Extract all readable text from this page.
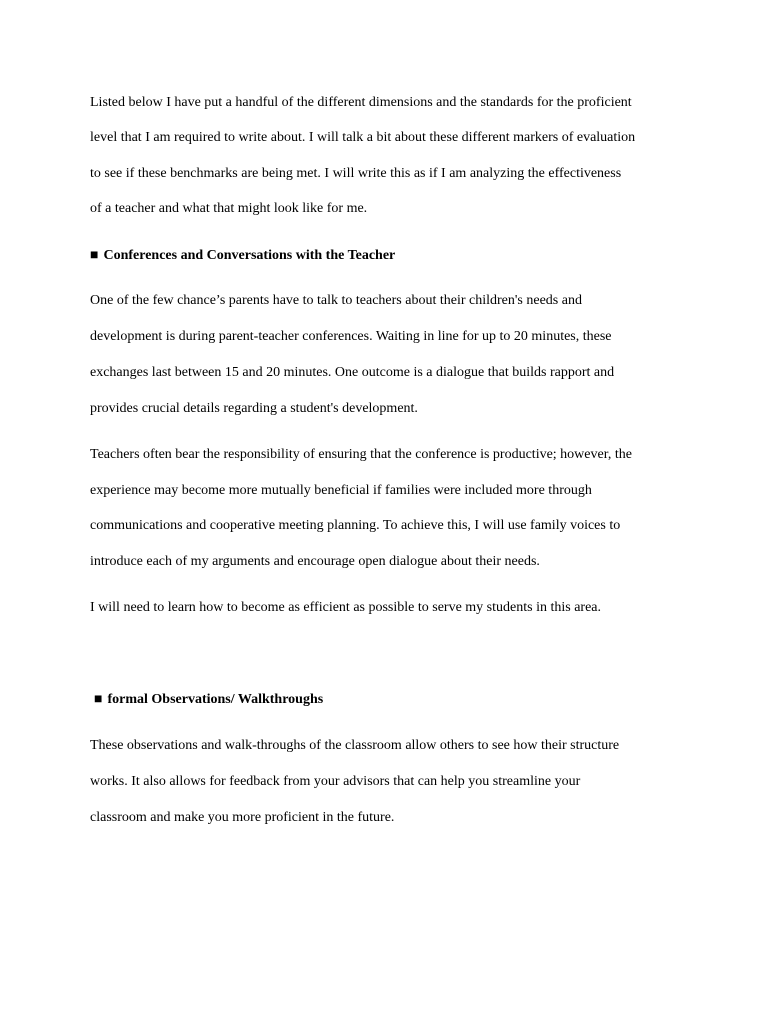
Listed below I have put a handful of the different dimensions and the standards for the proficient
level that I am required to write about. I will talk a bit about these different markers of evaluation
to see if these benchmarks are being met. I will write this as if I am analyzing the effectiveness
of a teacher and what that might look like for me.
■ Conferences and Conversations with the Teacher
One of the few chance’s parents have to talk to teachers about their children's needs and
development is during parent-teacher conferences. Waiting in line for up to 20 minutes, these
exchanges last between 15 and 20 minutes. One outcome is a dialogue that builds rapport and
provides crucial details regarding a student's development.
Teachers often bear the responsibility of ensuring that the conference is productive; however, the
experience may become more mutually beneficial if families were included more through
communications and cooperative meeting planning. To achieve this, I will use family voices to
introduce each of my arguments and encourage open dialogue about their needs.
I will need to learn how to become as efficient as possible to serve my students in this area.
■ formal Observations/ Walkthroughs
These observations and walk-throughs of the classroom allow others to see how their structure
works. It also allows for feedback from your advisors that can help you streamline your
classroom and make you more proficient in the future.
